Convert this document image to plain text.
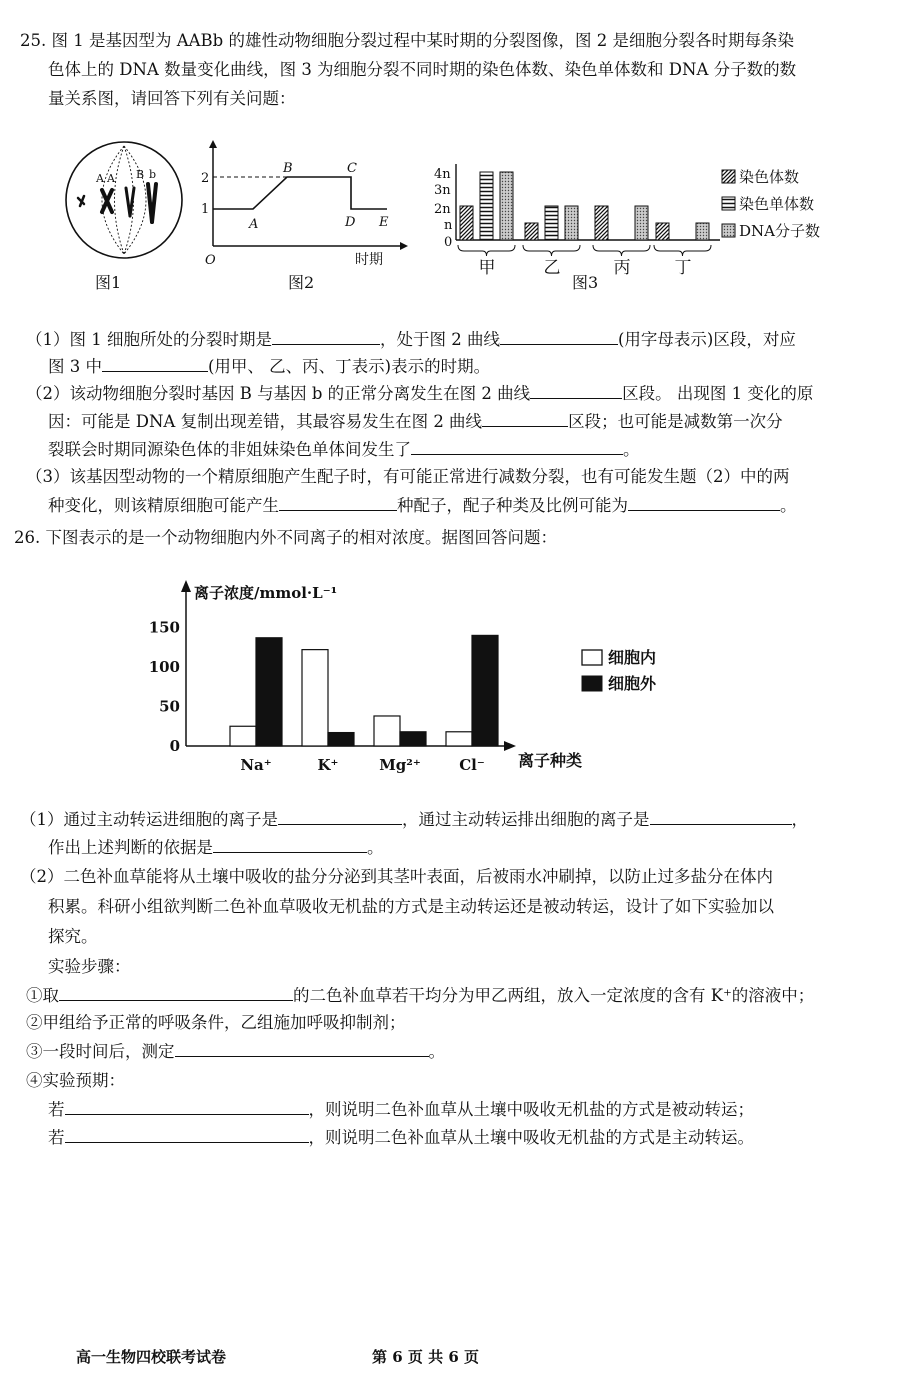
25. 图 1 是基因型为 AABb 的雄性动物细胞分裂过程中某时期的分裂图像，图 2 是细胞分裂各时期每条染
色体上的 DNA 数量变化曲线，图 3 为细胞分裂不同时期的染色体数、染色单体数和 DNA 分子数的数
量关系图，请回答下列有关问题：
A A B b
图1
1
2
A
B	C
D E
O	时期
图2
4n
3n
2n
n
0
甲	乙	丙	丁
染色体数
染色单体数
DNA分子数
图3
（1）图 1 细胞所处的分裂时期是	，处于图 2 曲线	(用字母表示)区段，对应
图 3 中	(用甲、 乙、丙、丁表示)表示的时期。
（2）该动物细胞分裂时基因 B 与基因 b 的正常分离发生在图 2 曲线	区段。 出现图 1 变化的原
因：可能是 DNA 复制出现差错，其最容易发生在图 2 曲线	区段；也可能是减数第一次分
裂联会时期同源染色体的非姐妹染色单体间发生了	。
（3）该基因型动物的一个精原细胞产生配子时，有可能正常进行减数分裂，也有可能发生题（2）中的两
种变化，则该精原细胞可能产生	种配子，配子种类及比例可能为	。
26. 下图表示的是一个动物细胞内外不同离子的相对浓度。据图回答问题：
离子浓度/mmol·L⁻¹
离子种类
0
50
100
150
Na⁺	K⁺	Mg²⁺	Cl⁻
细胞内
细胞外
（1）通过主动转运进细胞的离子是	，通过主动转运排出细胞的离子是	，
作出上述判断的依据是	。
（2）二色补血草能将从土壤中吸收的盐分分泌到其茎叶表面，后被雨水冲刷掉，以防止过多盐分在体内
积累。科研小组欲判断二色补血草吸收无机盐的方式是主动转运还是被动转运，设计了如下实验加以
探究。
实验步骤：
①取	的二色补血草若干均分为甲乙两组，放入一定浓度的含有 K⁺的溶液中；
②甲组给予正常的呼吸条件，乙组施加呼吸抑制剂；
③一段时间后，测定	。
④实验预期：
若	，则说明二色补血草从土壤中吸收无机盐的方式是被动转运；
若	，则说明二色补血草从土壤中吸收无机盐的方式是主动转运。
高一生物四校联考试卷	第 6 页 共 6 页
